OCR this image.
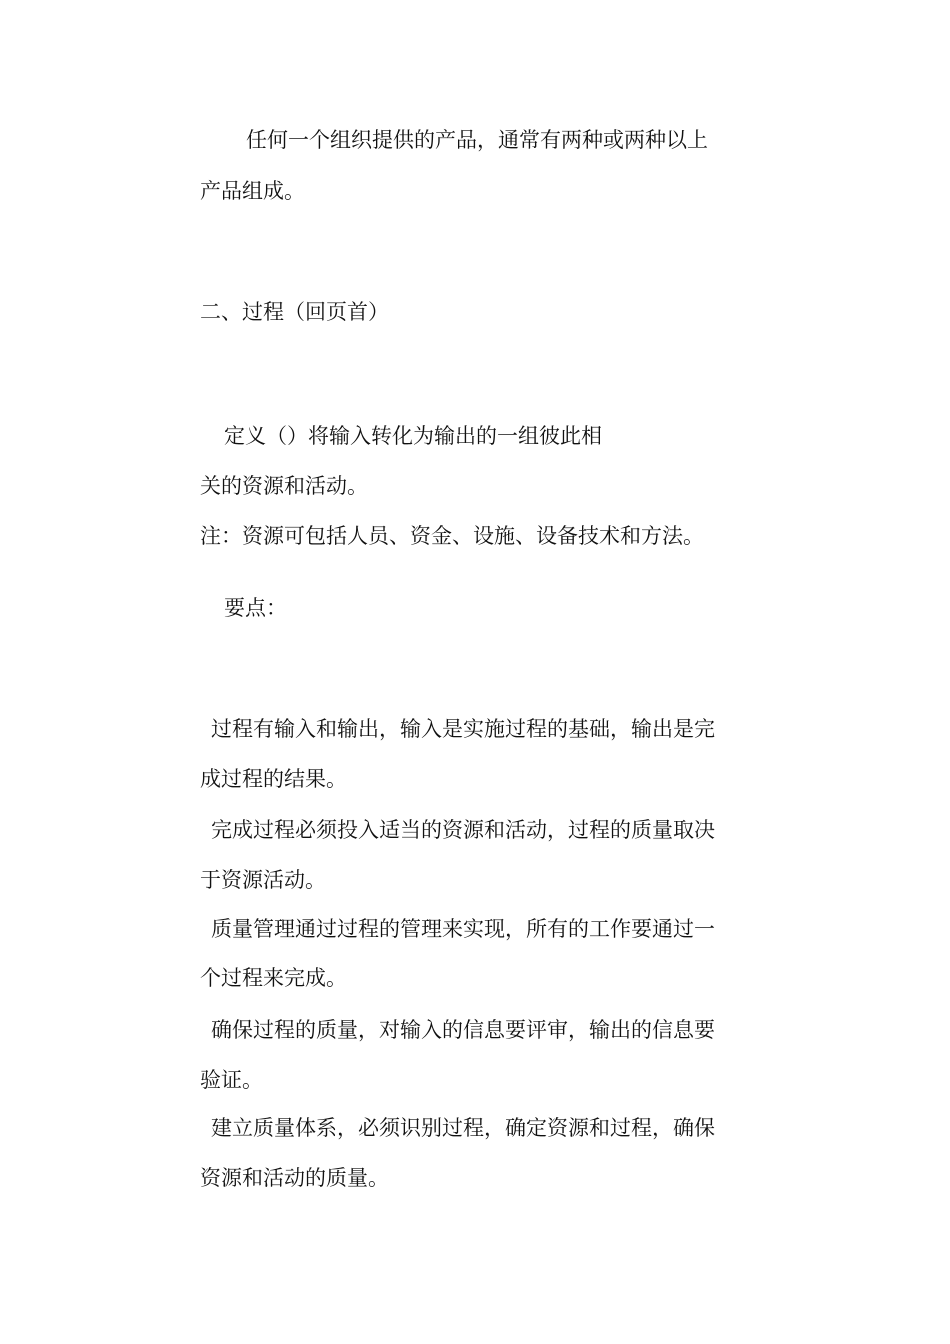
任何一个组织提供的产品，通常有两种或两种以上
产品组成。
二、过程（回页首）
定义（）将输入转化为输出的一组彼此相
关的资源和活动。
注：资源可包括人员、资金、设施、设备技术和方法。
要点：
过程有输入和输出，输入是实施过程的基础，输出是完
成过程的结果。
完成过程必须投入适当的资源和活动，过程的质量取决
于资源活动。
质量管理通过过程的管理来实现，所有的工作要通过一
个过程来完成。
确保过程的质量，对输入的信息要评审，输出的信息要
验证。
建立质量体系，必须识别过程，确定资源和过程，确保
资源和活动的质量。
